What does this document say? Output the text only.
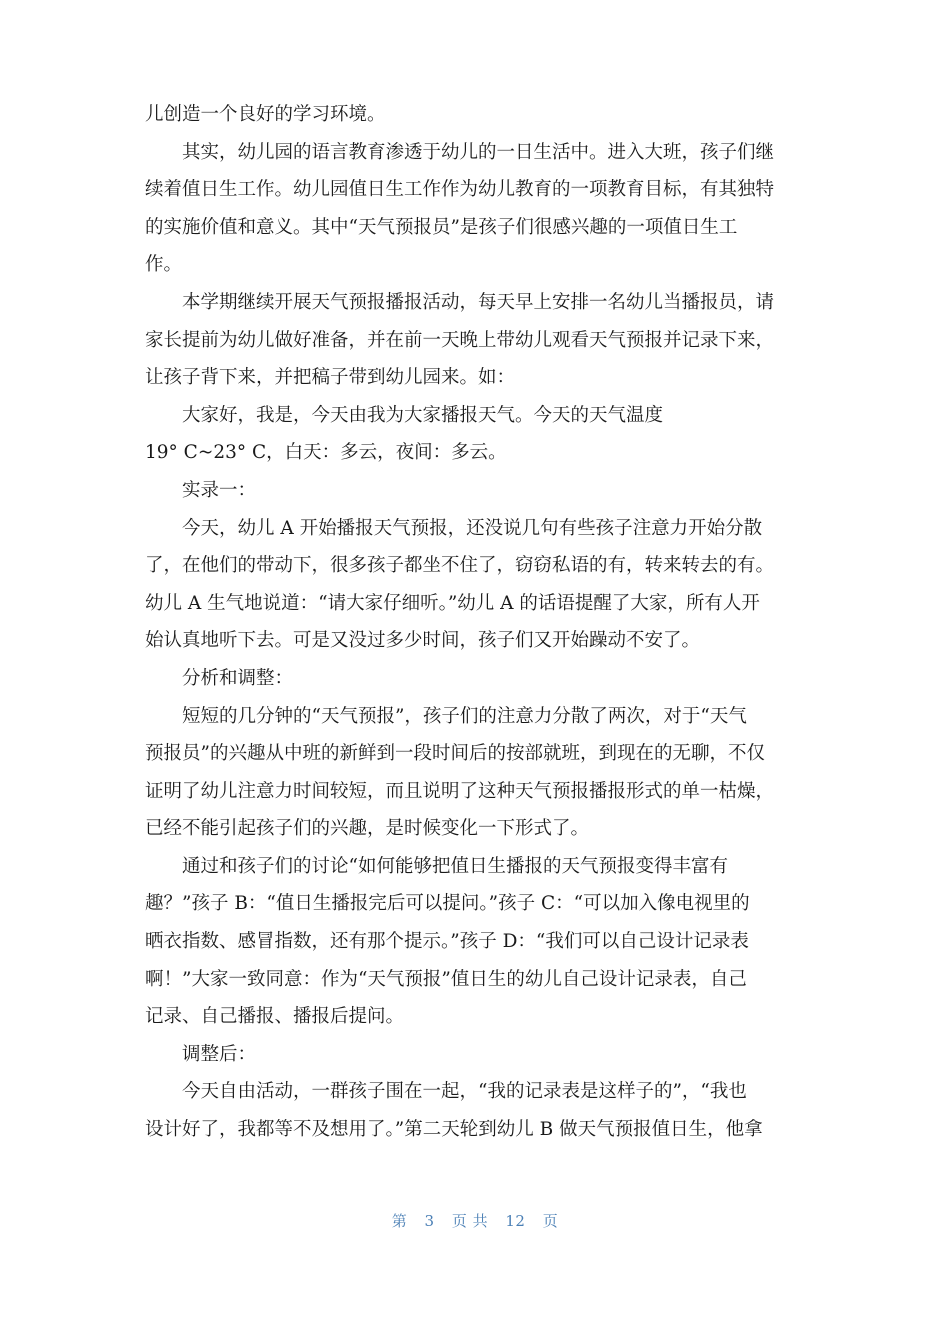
儿创造一个良好的学习环境。
其实，幼儿园的语言教育渗透于幼儿的一日生活中。进入大班，孩子们继
续着值日生工作。幼儿园值日生工作作为幼儿教育的一项教育目标，有其独特
的实施价值和意义。其中“天气预报员”是孩子们很感兴趣的一项值日生工
作。
本学期继续开展天气预报播报活动，每天早上安排一名幼儿当播报员，请
家长提前为幼儿做好准备，并在前一天晚上带幼儿观看天气预报并记录下来，
让孩子背下来，并把稿子带到幼儿园来。如：
大家好，我是，今天由我为大家播报天气。今天的天气温度
19° C~23° C，白天：多云，夜间：多云。
实录一：
今天，幼儿 A 开始播报天气预报，还没说几句有些孩子注意力开始分散
了，在他们的带动下，很多孩子都坐不住了，窃窃私语的有，转来转去的有。
幼儿 A 生气地说道：“请大家仔细听。”幼儿 A 的话语提醒了大家，所有人开
始认真地听下去。可是又没过多少时间，孩子们又开始躁动不安了。
分析和调整：
短短的几分钟的“天气预报”，孩子们的注意力分散了两次，对于“天气
预报员”的兴趣从中班的新鲜到一段时间后的按部就班，到现在的无聊，不仅
证明了幼儿注意力时间较短，而且说明了这种天气预报播报形式的单一枯燥，
已经不能引起孩子们的兴趣，是时候变化一下形式了。
通过和孩子们的讨论“如何能够把值日生播报的天气预报变得丰富有
趣？”孩子 B：“值日生播报完后可以提问。”孩子 C：“可以加入像电视里的
晒衣指数、感冒指数，还有那个提示。”孩子 D：“我们可以自己设计记录表
啊！”大家一致同意：作为“天气预报”值日生的幼儿自己设计记录表，自己
记录、自己播报、播报后提问。
调整后：
今天自由活动，一群孩子围在一起，“我的记录表是这样子的”，“我也
设计好了，我都等不及想用了。”第二天轮到幼儿 B 做天气预报值日生，他拿
第 3 页 共 12 页
